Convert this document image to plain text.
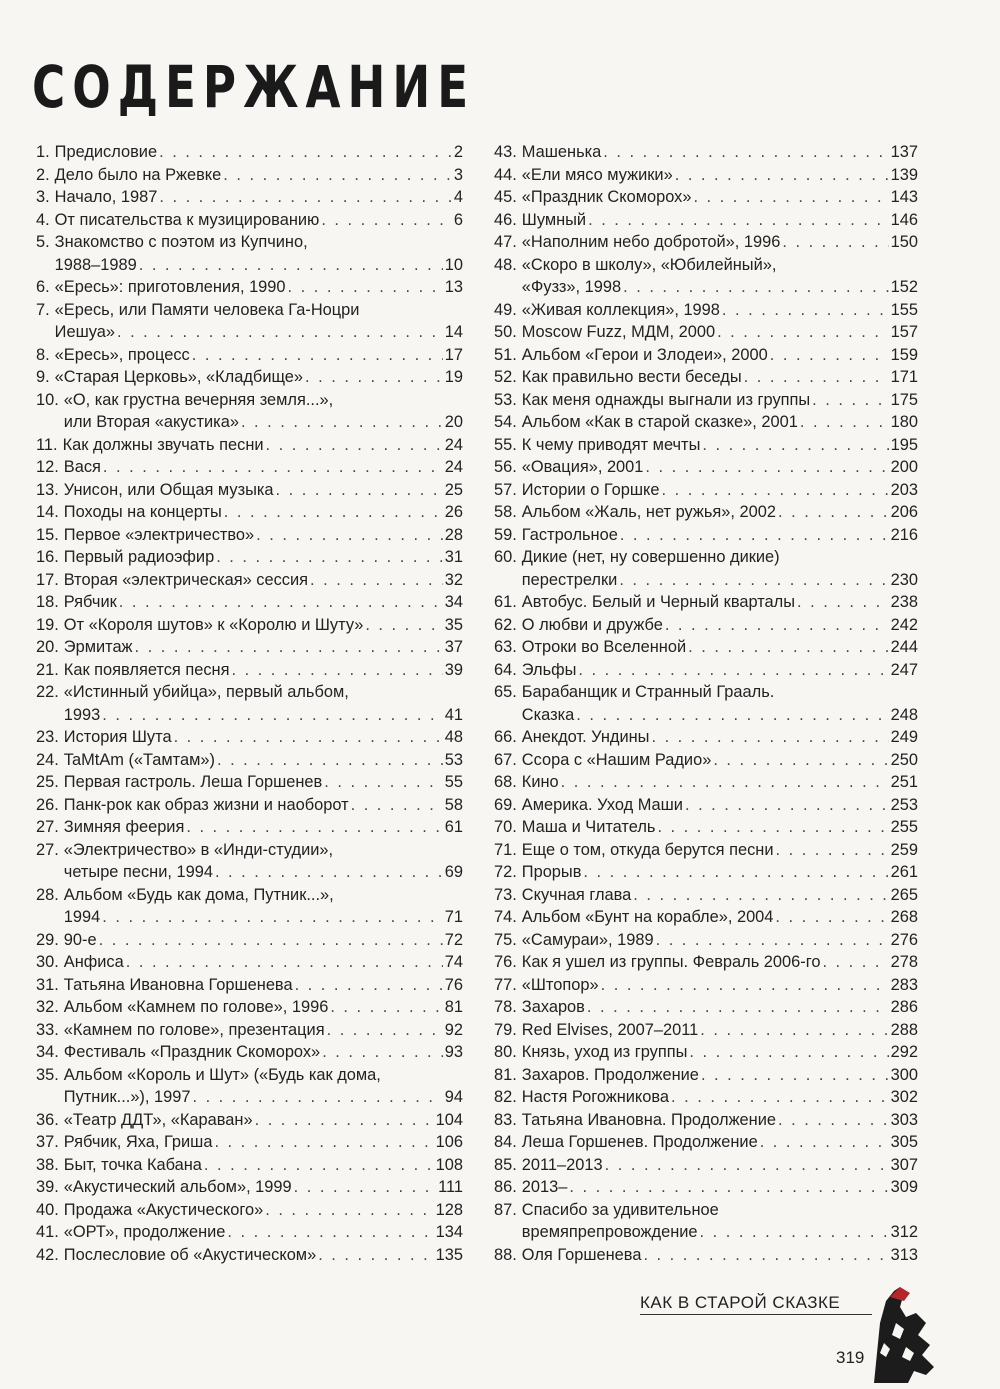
СОДЕРЖАНИЕ
1. Предисловие . . .	2
2. Дело было на Ржевке . . .	3
3. Начало, 1987 . . .	4
4. От писательства к музицированию . . .	6
5. Знакомство с поэтом из Купчино,
1988–1989 . . .	10
6. «Ересь»: приготовления, 1990 . . .	13
7. «Ересь, или Памяти человека Га-Ноцри
Иешуа» . . .	14
8. «Ересь», процесс . . .	17
9. «Старая Церковь», «Кладбище» . . .	19
10. «О, как грустна вечерняя земля...»,
или Вторая «акустика» . . .	20
11. Как должны звучать песни . . .	24
12. Вася . . .	24
13. Унисон, или Общая музыка . . .	25
14. Походы на концерты . . .	26
15. Первое «электричество» . . .	28
16. Первый радиоэфир . . .	31
17. Вторая «электрическая» сессия . . .	32
18. Рябчик . . .	34
19. От «Короля шутов» к «Королю и Шуту» . . .	35
20. Эрмитаж . . .	37
21. Как появляется песня . . .	39
22. «Истинный убийца», первый альбом,
1993 . . .	41
23. История Шута . . .	48
24. TaMtAm («Тамтам») . . .	53
25. Первая гастроль. Леша Горшенев . . .	55
26. Панк-рок как образ жизни и наоборот . . .	58
27. Зимняя феерия . . .	61
27. «Электричество» в «Инди-студии»,
четыре песни, 1994 . . .	69
28. Альбом «Будь как дома, Путник...»,
1994 . . .	71
29. 90-е . . .	72
30. Анфиса . . .	74
31. Татьяна Ивановна Горшенева . . .	76
32. Альбом «Камнем по голове», 1996 . . .	81
33. «Камнем по голове», презентация . . .	92
34. Фестиваль «Праздник Скоморох» . . .	93
35. Альбом «Король и Шут» («Будь как дома,
Путник...»), 1997 . . .	94
36. «Театр ДДТ», «Караван» . . .	104
37. Рябчик, Яха, Гриша . . .	106
38. Быт, точка Кабана . . .	108
39. «Акустический альбом», 1999 . . .	111
40. Продажа «Акустического» . . .	128
41. «ОРТ», продолжение . . .	134
42. Послесловие об «Акустическом» . . .	135
43. Машенька . . .	137
44. «Ели мясо мужики» . . .	139
45. «Праздник Скоморох» . . .	143
46. Шумный . . .	146
47. «Наполним небо добротой», 1996 . . .	150
48. «Скоро в школу», «Юбилейный»,
«Фузз», 1998 . . .	152
49. «Живая коллекция», 1998 . . .	155
50. Moscow Fuzz, МДМ, 2000 . . .	157
51. Альбом «Герои и Злодеи», 2000 . . .	159
52. Как правильно вести беседы . . .	171
53. Как меня однажды выгнали из группы . . .	175
54. Альбом «Как в старой сказке», 2001 . . .	180
55. К чему приводят мечты . . .	195
56. «Овация», 2001 . . .	200
57. Истории о Горшке . . .	203
58. Альбом «Жаль, нет ружья», 2002 . . .	206
59. Гастрольное . . .	216
60. Дикие (нет, ну совершенно дикие)
перестрелки . . .	230
61. Автобус. Белый и Черный кварталы . . .	238
62. О любви и дружбе . . .	242
63. Отроки во Вселенной . . .	244
64. Эльфы . . .	247
65. Барабанщик и Странный Грааль.
Сказка . . .	248
66. Анекдот. Ундины . . .	249
67. Ссора с «Нашим Радио» . . .	250
68. Кино . . .	251
69. Америка. Уход Маши . . .	253
70. Маша и Читатель . . .	255
71. Еще о том, откуда берутся песни . . .	259
72. Прорыв . . .	261
73. Скучная глава . . .	265
74. Альбом «Бунт на корабле», 2004 . . .	268
75. «Самураи», 1989 . . .	276
76. Как я ушел из группы. Февраль 2006-го . . .	278
77. «Штопор» . . .	283
78. Захаров . . .	286
79. Red Elvises, 2007–2011 . . .	288
80. Князь, уход из группы . . .	292
81. Захаров. Продолжение . . .	300
82. Настя Рогожникова . . .	302
83. Татьяна Ивановна. Продолжение . . .	303
84. Леша Горшенев. Продолжение . . .	305
85. 2011–2013 . . .	307
86. 2013– . . .	309
87. Спасибо за удивительное
времяпрепровождение . . .	312
88. Оля Горшенева . . .	313
КАК В СТАРОЙ СКАЗКЕ
319
